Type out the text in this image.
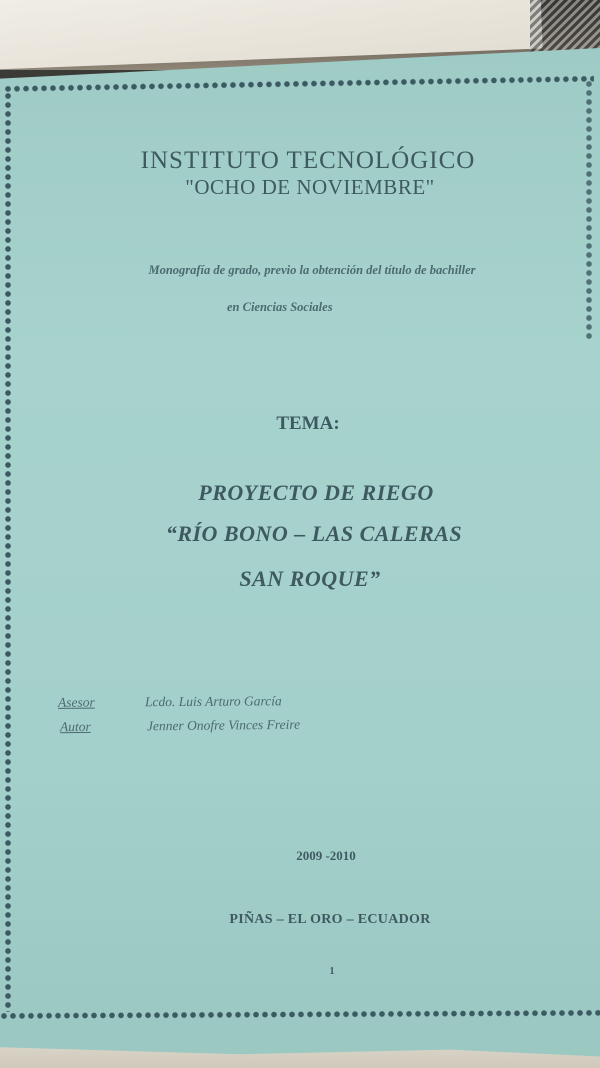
INSTITUTO TECNOLÓGICO
"OCHO DE NOVIEMBRE"
Monografía de grado, previo la obtención del título de bachiller
en Ciencias Sociales
TEMA:
PROYECTO DE RIEGO
“RÍO BONO – LAS CALERAS
SAN ROQUE”
Asesor	Lcdo. Luis Arturo García
Autor	Jenner Onofre Vinces Freire
2009 -2010
PIÑAS – EL ORO – ECUADOR
1
